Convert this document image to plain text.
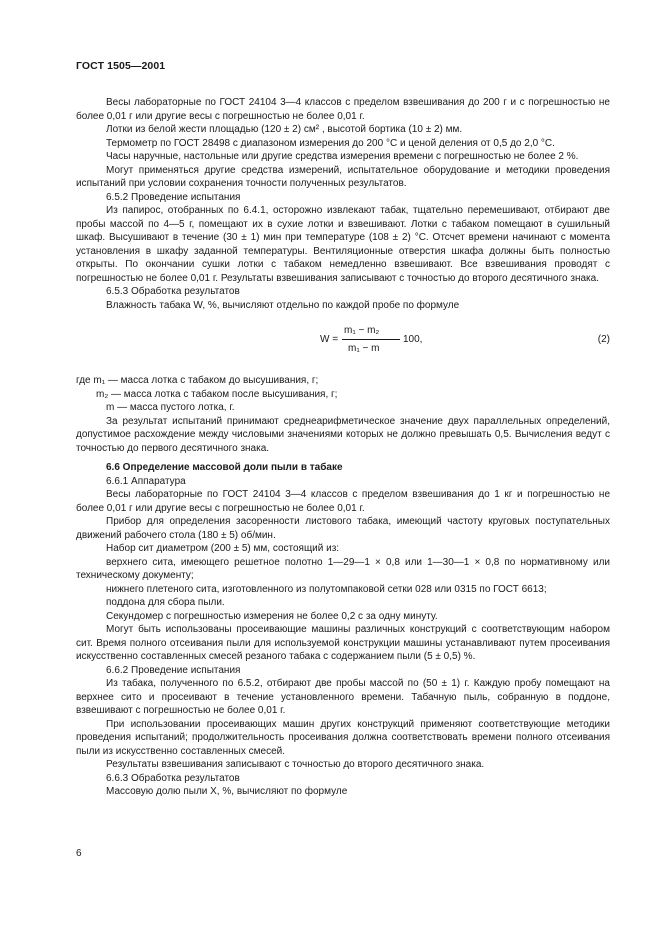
ГОСТ 1505—2001

Весы лабораторные по ГОСТ 24104 3—4 классов с пределом взвешивания до 200 г и с погрешностью не более 0,01 г или другие весы с погрешностью не более 0,01 г.

Лотки из белой жести площадью (120 ± 2) см² , высотой бортика (10 ± 2) мм.

Термометр по ГОСТ 28498 с диапазоном измерения до 200 °С и ценой деления от 0,5 до 2,0 °С.

Часы наручные, настольные или другие средства измерения времени с погрешностью не более 2 %.

Могут применяться другие средства измерений, испытательное оборудование и методики проведения испытаний при условии сохранения точности полученных результатов.

6.5.2 Проведение испытания

Из папирос, отобранных по 6.4.1, осторожно извлекают табак, тщательно перемешивают, отбирают две пробы массой по 4—5 г, помещают их в сухие лотки и взвешивают. Лотки с табаком помещают в сушильный шкаф. Высушивают в течение (30 ± 1) мин при температуре (108 ± 2) °С. Отсчет времени начинают с момента установления в шкафу заданной температуры. Вентиляционные отверстия шкафа должны быть полностью открыты. По окончании сушки лотки с табаком немедленно взвешивают. Все взвешивания проводят с погрешностью не более 0,01 г. Результаты взвешивания записывают с точностью до второго десятичного знака.

6.5.3 Обработка результатов

Влажность табака W, %, вычисляют отдельно по каждой пробе по формуле

W =
m₁ − m₂
m₁ − m
100,	(2)
где m₁ — масса лотка с табаком до высушивания, г;
m₂ — масса лотка с табаком после высушивания, г;
m — масса пустого лотка, г.

За результат испытаний принимают среднеарифметическое значение двух параллельных определений, допустимое расхождение между числовыми значениями которых не должно превышать 0,5. Вычисления ведут с точностью до первого десятичного знака.

6.6 Определение массовой доли пыли в табаке

6.6.1 Аппаратура

Весы лабораторные по ГОСТ 24104 3—4 классов с пределом взвешивания до 1 кг и погрешностью не более 0,01 г или другие весы с погрешностью не более 0,01 г.

Прибор для определения засоренности листового табака, имеющий частоту круговых поступательных движений рабочего стола (180 ± 5) об/мин.

Набор сит диаметром (200 ± 5) мм, состоящий из:

верхнего сита, имеющего решетное полотно 1—29—1 × 0,8 или 1—30—1 × 0,8 по нормативному или техническому документу;

нижнего плетеного сита, изготовленного из полутомпаковой сетки 028 или 0315 по ГОСТ 6613;

поддона для сбора пыли.

Секундомер с погрешностью измерения не более 0,2 с за одну минуту.

Могут быть использованы просеивающие машины различных конструкций с соответствующим набором сит. Время полного отсеивания пыли для используемой конструкции машины устанавливают путем просеивания искусственно составленных смесей резаного табака с содержанием пыли (5 ± 0,5) %.

6.6.2 Проведение испытания

Из табака, полученного по 6.5.2, отбирают две пробы массой по (50 ± 1) г. Каждую пробу помещают на верхнее сито и просеивают в течение установленного времени. Табачную пыль, собранную в поддоне, взвешивают с погрешностью не более 0,01 г.

При использовании просеивающих машин других конструкций применяют соответствующие методики проведения испытаний; продолжительность просеивания должна соответствовать времени полного отсеивания пыли из искусственно составленных смесей.

Результаты взвешивания записывают с точностью до второго десятичного знака.

6.6.3 Обработка результатов

Массовую долю пыли X, %, вычисляют по формуле

6
